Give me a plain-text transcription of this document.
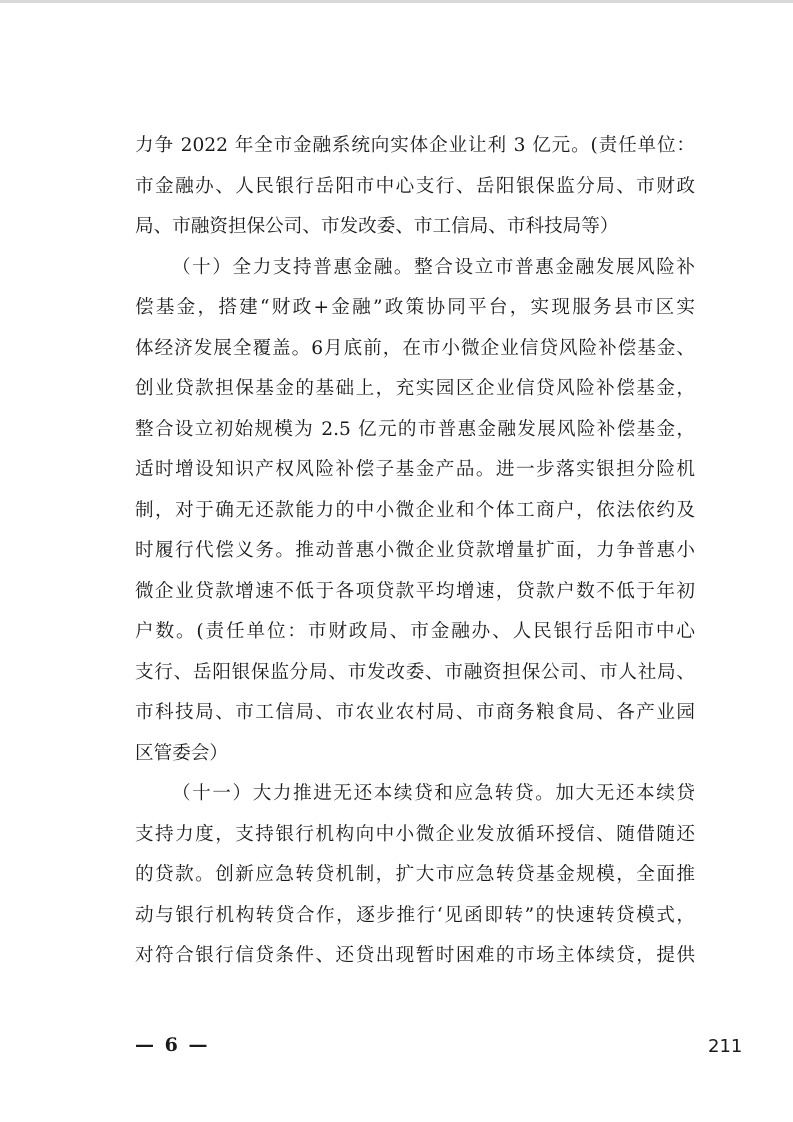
力争 2022 年全市金融系统向实体企业让利 3 亿元。(责任单位：
市金融办、人民银行岳阳市中心支行、岳阳银保监分局、市财政
局、市融资担保公司、市发改委、市工信局、市科技局等）
（十）全力支持普惠金融。整合设立市普惠金融发展风险补
偿基金，搭建“财政+金融”政策协同平台，实现服务县市区实
体经济发展全覆盖。6月底前，在市小微企业信贷风险补偿基金、
创业贷款担保基金的基础上，充实园区企业信贷风险补偿基金，
整合设立初始规模为 2.5 亿元的市普惠金融发展风险补偿基金，
适时增设知识产权风险补偿子基金产品。进一步落实银担分险机
制，对于确无还款能力的中小微企业和个体工商户，依法依约及
时履行代偿义务。推动普惠小微企业贷款增量扩面，力争普惠小
微企业贷款增速不低于各项贷款平均增速，贷款户数不低于年初
户数。(责任单位：市财政局、市金融办、人民银行岳阳市中心
支行、岳阳银保监分局、市发改委、市融资担保公司、市人社局、
市科技局、市工信局、市农业农村局、市商务粮食局、各产业园
区管委会）
（十一）大力推进无还本续贷和应急转贷。加大无还本续贷
支持力度，支持银行机构向中小微企业发放循环授信、随借随还
的贷款。创新应急转贷机制，扩大市应急转贷基金规模，全面推
动与银行机构转贷合作，逐步推行‘见函即转”的快速转贷模式，
对符合银行信贷条件、还贷出现暂时困难的市场主体续贷，提供
— 6 —	211
